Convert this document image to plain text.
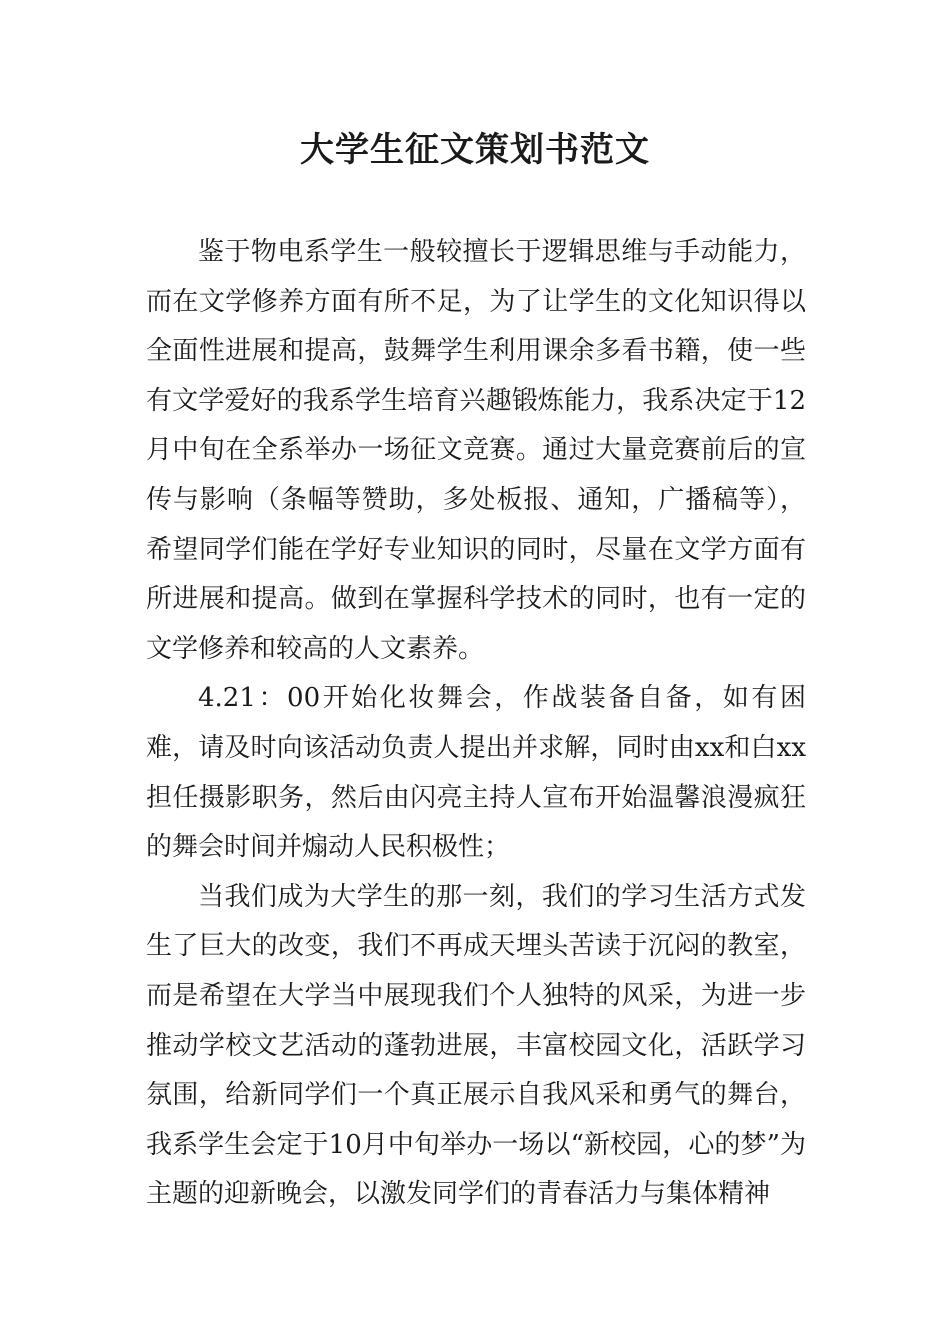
大学生征文策划书范文

鉴于物电系学生一般较擅长于逻辑思维与手动能力，而在文学修养方面有所不足，为了让学生的文化知识得以全面性进展和提高，鼓舞学生利用课余多看书籍，使一些有文学爱好的我系学生培育兴趣锻炼能力，我系决定于12月中旬在全系举办一场征文竞赛。通过大量竞赛前后的宣传与影响（条幅等赞助，多处板报、通知，广播稿等），希望同学们能在学好专业知识的同时，尽量在文学方面有所进展和提高。做到在掌握科学技术的同时，也有一定的文学修养和较高的人文素养。

4.21：00开始化妆舞会，作战装备自备，如有困难，请及时向该活动负责人提出并求解，同时由xx和白xx担任摄影职务，然后由闪亮主持人宣布开始温馨浪漫疯狂的舞会时间并煽动人民积极性；

当我们成为大学生的那一刻，我们的学习生活方式发生了巨大的改变，我们不再成天埋头苦读于沉闷的教室，而是希望在大学当中展现我们个人独特的风采，为进一步推动学校文艺活动的蓬勃进展，丰富校园文化，活跃学习氛围，给新同学们一个真正展示自我风采和勇气的舞台，我系学生会定于10月中旬举办一场以“新校园，心的梦”为主题的迎新晚会，以激发同学们的青春活力与集体精神
